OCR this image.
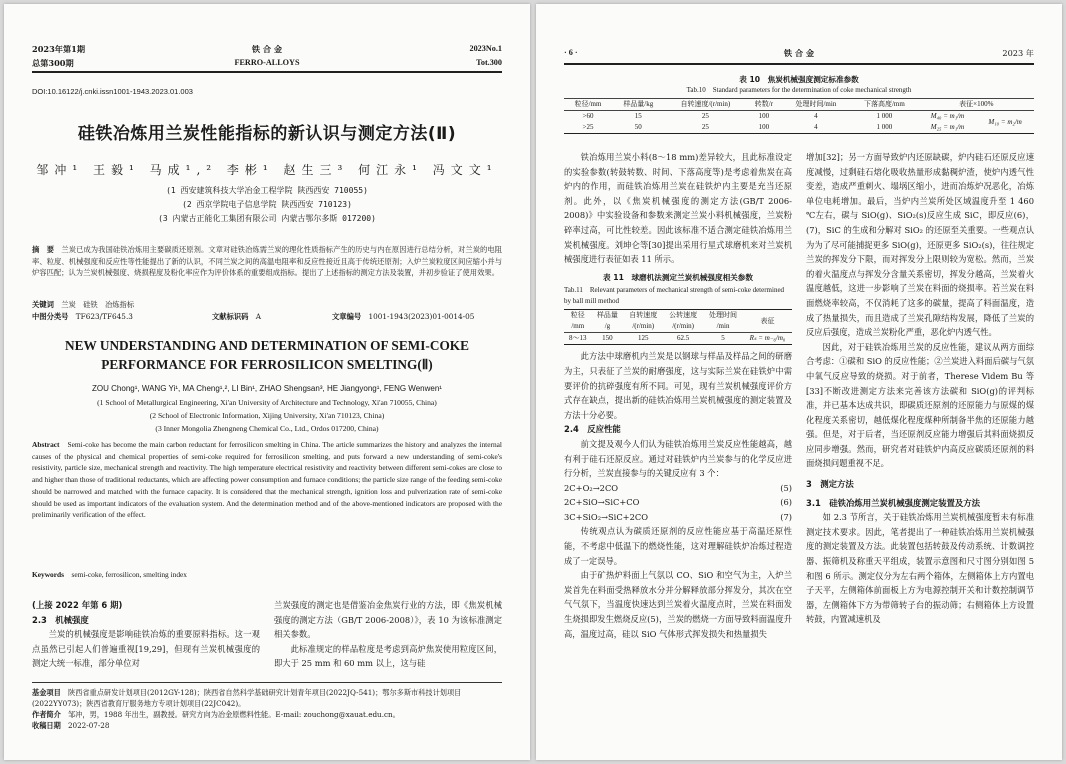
2023年第1期	铁 合 金	2023No.1
总第300期	FERRO-ALLOYS	Tot.300
DOI:10.16122/j.cnki.issn1001-1943.2023.01.003
硅铁冶炼用兰炭性能指标的新认识与测定方法(Ⅱ)
邹冲¹ 王毅¹ 马成¹,² 李彬¹ 赵生三³ 何江永¹ 冯文文¹
(1 西安建筑科技大学冶金工程学院 陕西西安 710055)
(2 西京学院电子信息学院 陕西西安 710123)
(3 内蒙古正能化工集团有限公司 内蒙古鄂尔多斯 017200)
摘　要　 兰炭已成为我国硅铁冶炼用主要碳质还原剂。文章对硅铁冶炼需兰炭的理化性质指标产生的历史与内在原因进行总结分析，对兰炭的电阻率、粒度、机械强度和反应性等性能提出了新的认识，不同兰炭之间的高温电阻率和反应性接近且高于传统还原剂；入炉兰炭粒度区间应缩小并与炉容匹配；认为兰炭机械强度、烧损程度及粉化率应作为评价体系的重要组成指标。提出了上述指标的测定方法及装置，并初步验证了使用效果。
关键词　 兰炭　硅铁　冶炼指标
中图分类号　 TF623/TF645.3	文献标识码　 A	文章编号　 1001-1943(2023)01-0014-05
NEW UNDERSTANDING AND DETERMINATION OF SEMI-COKE
PERFORMANCE FOR FERROSILICON SMELTING(Ⅱ)
ZOU Chong¹, WANG Yi¹, MA Cheng¹,², LI Bin¹, ZHAO Shengsan³, HE Jiangyong¹, FENG Wenwen¹
(1 School of Metallurgical Engineering, Xi'an University of Architecture and Technology, Xi'an 710055, China)
(2 School of Electronic Information, Xijing University, Xi'an 710123, China)
(3 Inner Mongolia Zhengneng Chemical Co., Ltd., Ordos 017200, China)
Abstract　 Semi-coke has become the main carbon reductant for ferrosilicon smelting in China. The article summarizes the history and analyzes the internal causes of the physical and chemical properties of semi-coke required for ferrosilicon smelting, and puts forward a new understanding of semi-coke's resistivity, particle size, mechanical strength and reactivity. The high temperature electrical resistivity and reactivity between different semi-cokes are close to and higher than those of traditional reductants, which are affecting power consumption and furnace conditions; the particle size range of the feeding semi-coke should be narrowed and matched with the furnace capacity. It is considered that the mechanical strength, ignition loss and pulverization rate of semi-coke should be used as important indicators of the evaluation system. And the determination method and of the above-mentioned indicators are proposed with the preliminarily verification of the effect.
Keywords　 semi-coke, ferrosilicon, smelting index
(上接 2022 年第 6 期)
2.3　机械强度
兰炭的机械强度是影响硅铁冶炼的重要原料指标。这一观点虽然已引起人们普遍重视[19,29]，但现有兰炭机械强度的测定大统一标准，部分单位对
兰炭强度的测定也是借鉴冶金焦炭行业的方法，即《焦炭机械强度的测定方法（GB/T 2006-2008）》，表 10 为该标准测定相关参数。
此标准规定的样品粒度是考虑到高炉焦炭使用粒度区间，即大于 25 mm 和 60 mm 以上，这与硅
基金项目　 陕西省重点研发计划项目(2012GY-128)；陕西省自然科学基础研究计划青年项目(2022JQ-541)；鄂尔多斯市科技计划项目(2022YY073)；陕西省教育厅服务地方专项计划项目(22JC042)。
作者简介　 邹冲，男，1988 年出生，副教授。研究方向为冶金原燃料性能。E-mail: zouchong@xauat.edu.cn。
收稿日期　 2022-07-28
· 6 ·	铁 合 金	2023 年
表 10　焦炭机械强度测定标准参数
Tab.10　Standard parameters for the determination of coke mechanical strength
粒径/mm	样品量/kg	自转速度/(r/min)	转数/r	处理时间/min	下落高度/mm	表征×100%	
>60	15	25	100	4	1 000	M₄₀ = m₁/m	M₁₀ = m₂/m
>25	50	25	100	4	1 000	M₂₅ = m₁/m	
铁冶炼用兰炭小料(8～18 mm)差异较大，且此标准设定的实验参数(转鼓转数、时间、下落高度等)是考虑着焦炭在高炉内的作用，而硅铁冶炼用兰炭在硅铁炉内主要是充当还原剂。此外，以《焦炭机械强度的测定方法(GB/T 2006-2008)》中实验设备和参数来测定兰炭小料机械强度，兰炭粉碎率过高，可比性较差。因此该标准不适合测定硅铁冶炼用兰炭机械强度。刘坤仑等[30]提出采用行星式球磨机来对兰炭机械强度进行表征如表 11 所示。
表 11　球磨机法测定兰炭机械强度相关参数
Tab.11　Relevant parameters of mechanical strength of semi-coke determined by ball mill method
粒径	样品量	自转速度	公转速度	处理时间	表征
/mm	/g	/(r/min)	/(r/min)	/min	
8～13	150	125	62.5	5	Rₛ = m₋₆/m₀
此方法中球磨机内兰炭是以钢球与样品及样品之间的研磨为主，只表征了兰炭的耐磨强度，这与实际兰炭在硅铁炉中需要评价的抗碎强度有所不同。可见，现有兰炭机械强度评价方式存在缺点，提出新的硅铁冶炼用兰炭机械强度的测定装置及方法十分必要。
2.4　反应性能
前文提及观今人们认为硅铁冶炼用兰炭反应性能越高，越有利于硅石还原反应。通过对硅铁炉内兰炭参与的化学反应进行分析，兰炭直接参与的关键反应有 3 个：
2C+O₂→2CO	(5)
2C+SiO→SiC+CO	(6)
3C+SiO₂→SiC+2CO	(7)
传统观点认为碳质还原剂的反应性能应基于高温还原性能，不考虑中低温下的燃烧性能，这对理解硅铁炉冶炼过程造成了一定误导。
由于矿热炉料面上气氛以 CO、SiO 和空气为主，入炉兰炭首先在料面受热释放水分并分解释放部分挥发分，其次在空气气氛下，当温度快速达到兰炭着火温度点时，兰炭在料面发生烧损即发生燃烧反应(5)，兰炭的燃烧一方面导致料面温度升高，温度过高，硅以 SiO 气体形式挥发损失和热量损失
增加[32]；另一方面导致炉内还原缺碳，炉内硅石还原反应速度减慢，过剩硅石熔化吸收热量形成黏稠炉渣，使炉内透气性变差，造成严重刺火、塌埚区缩小，进而冶炼炉况恶化，冶炼单位电耗增加。最后，当炉内兰炭所处区域温度升至 1 460 ℃左右，碳与 SiO(g)、SiO₂(s)反应生成 SiC，即反应(6)，(7)，SiC 的生成和分解对 SiO₂ 的还原至关重要。一些观点认为为了尽可能捕捉更多 SiO(g)，还原更多 SiO₂(s)，往往规定兰炭的挥发分下限，而对挥发分上限则较为宽松。然而，兰炭的着火温度点与挥发分含量关系密切，挥发分越高，兰炭着火温度越低，这进一步影响了兰炭在料面的烧损率。若兰炭在料面燃烧率较高，不仅消耗了这多的碳量，提高了料面温度，造成了热量损失，而且造成了兰炭孔隙结构发展，降低了兰炭的反应后强度，造成兰炭粉化严重，恶化炉内透气性。
因此，对于硅铁冶炼用兰炭的反应性能，建议从两方面综合考虑：①碳和 SiO 的反应性能；②兰炭进入料面后碳与气氛中氧气反应导致的烧损。对于前者，Therese Videm Bu 等[33]不断改进测定方法来完善该方法碳和 SiO(g)的评判标准，并已基本达成共识，即碳质还原剂的还原能力与原煤的煤化程度关系密切，越低煤化程度煤种所制备半焦的还原能力越强。但是，对于后者，当还原剂反应能力增强后其料面烧损反应同步增强。然而，研究者对硅铁炉内高反应碳质还原剂的料面烧损问题重视不足。
3　测定方法
3.1　硅铁冶炼用兰炭机械强度测定装置及方法
如 2.3 节所言，关于硅铁冶炼用兰炭机械强度暂未有标准测定技术要求。因此，笔者提出了一种硅铁冶炼用兰炭机械强度的测定装置及方法。此装置包括转鼓及传动系统、计数调控器、振筛机及称重天平组成，装置示意图和尺寸图分别如图 5 和图 6 所示。测定仪分为左右两个箱体，左侧箱体上方内置电子天平，左侧箱体前面板上方为电源控制开关和计数控制调节器，左侧箱体下方为带筛转子台的振动筛；右侧箱体上方设置转鼓，内置减速机及
